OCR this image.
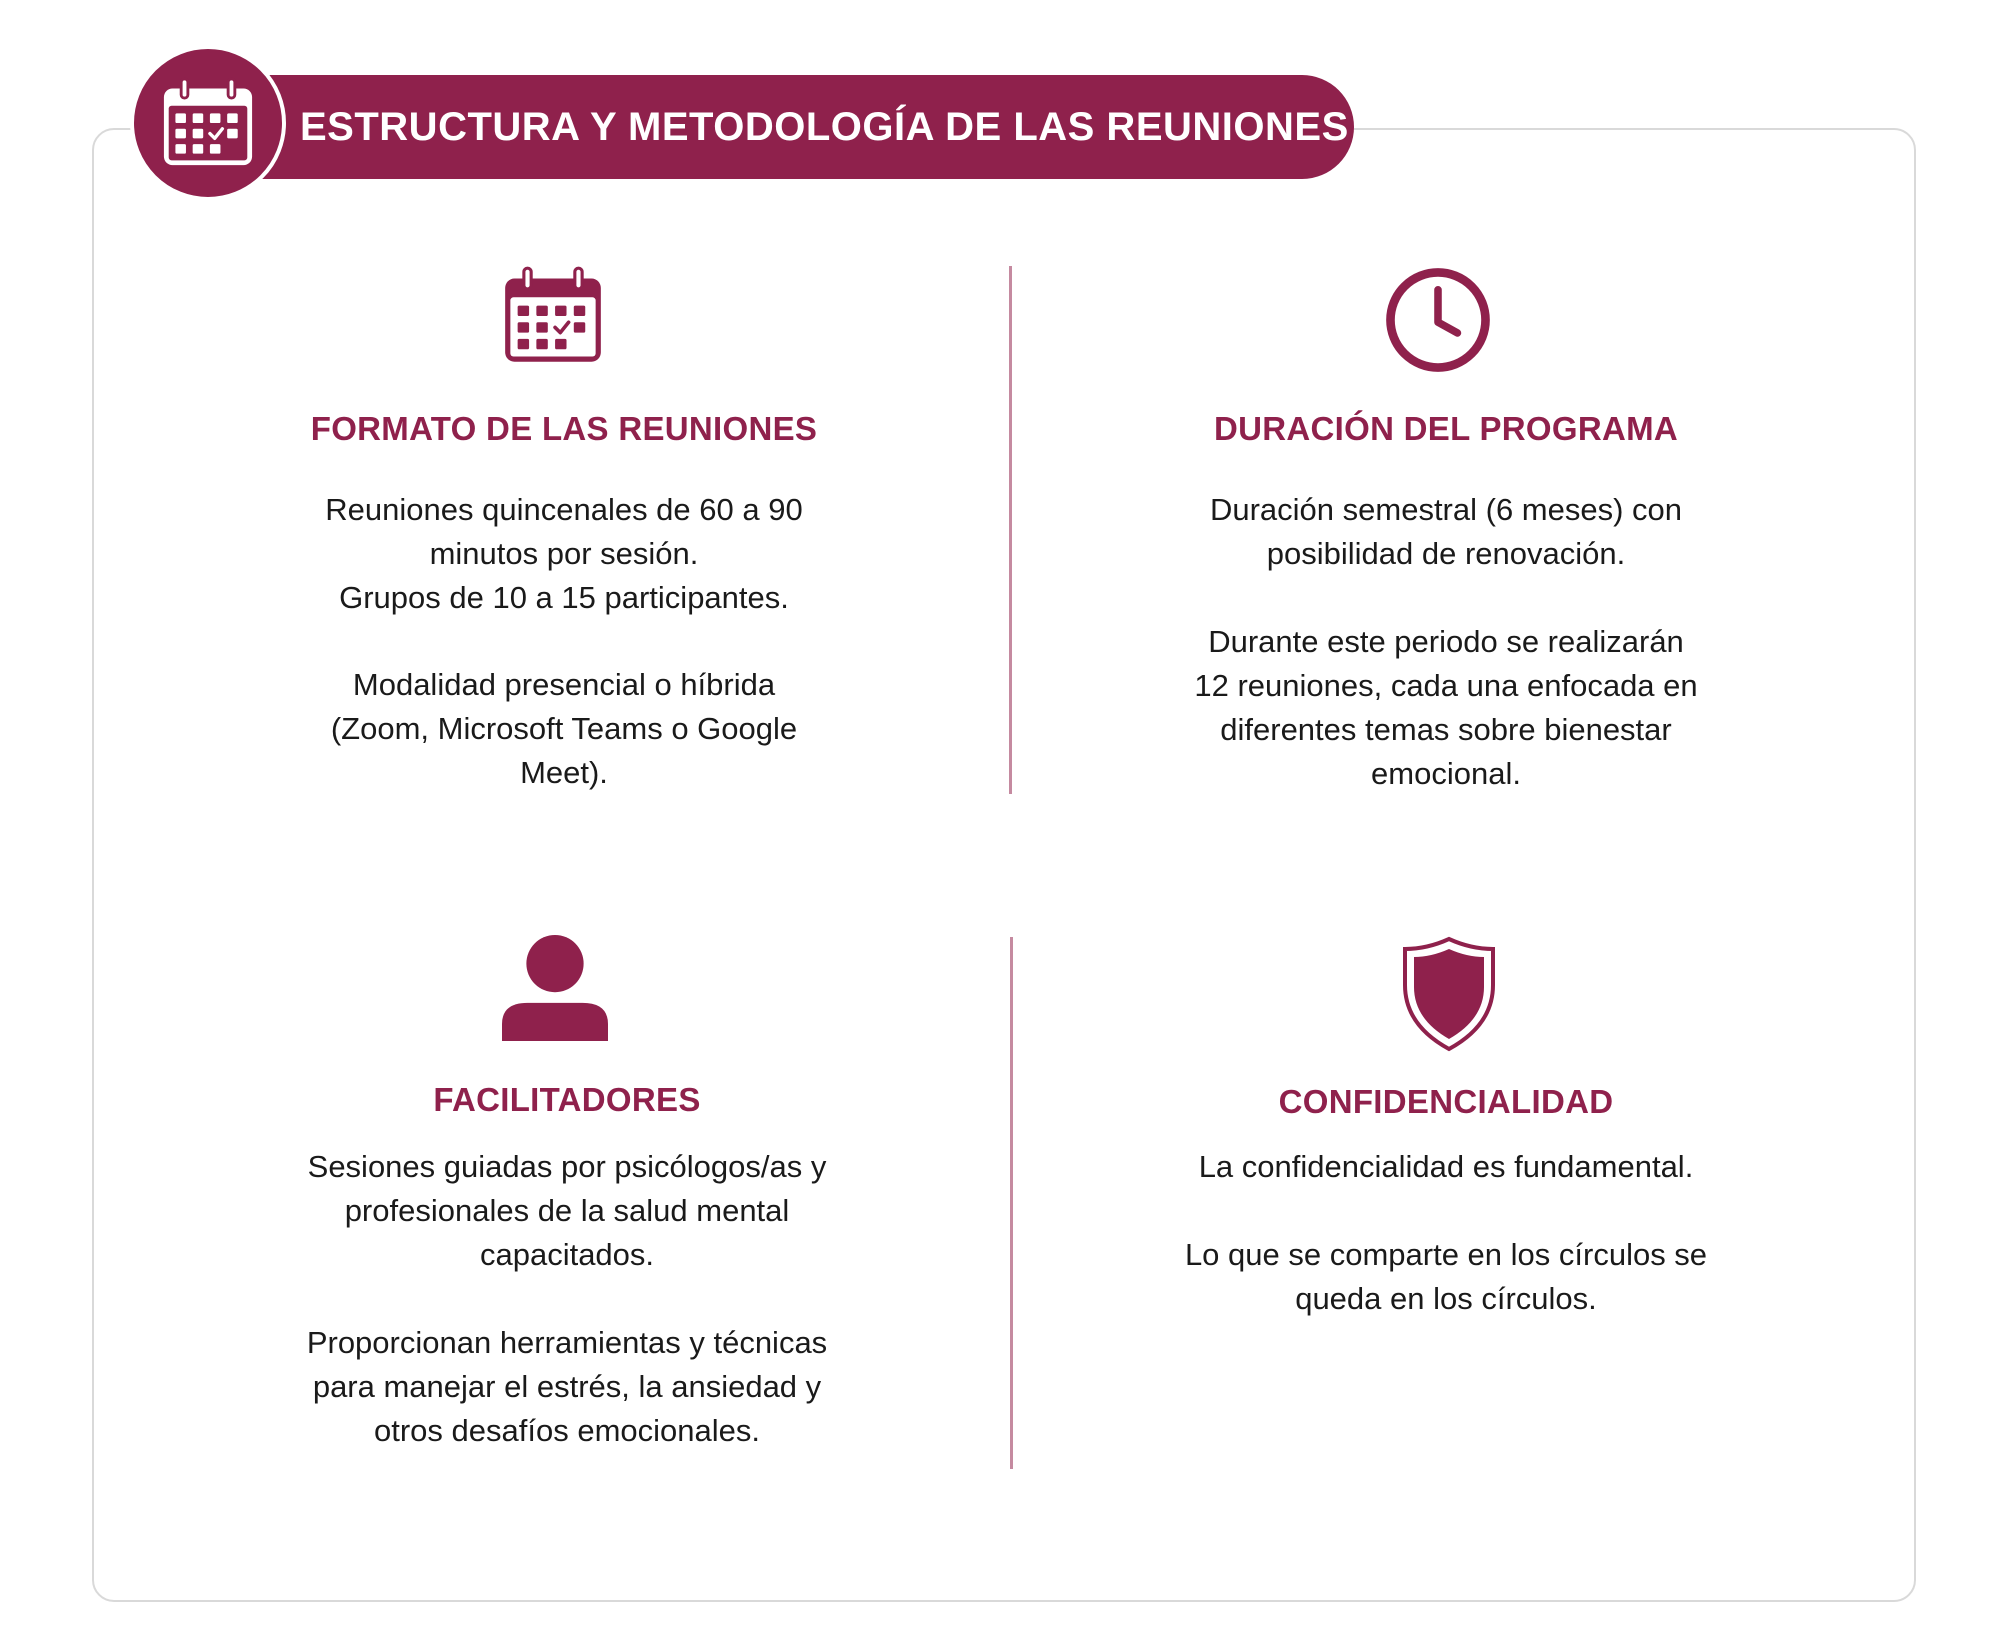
ESTRUCTURA Y METODOLOGÍA DE LAS REUNIONES
FORMATO DE LAS REUNIONES
Reuniones quincenales de 60 a 90
minutos por sesión.
Grupos de 10 a 15 participantes.
Modalidad presencial o híbrida
(Zoom, Microsoft Teams o Google
Meet).
DURACIÓN DEL PROGRAMA
Duración semestral (6 meses) con
posibilidad de renovación.
Durante este periodo se realizarán
12 reuniones, cada una enfocada en
diferentes temas sobre bienestar
emocional.
FACILITADORES
Sesiones guiadas por psicólogos/as y
profesionales de la salud mental
capacitados.
Proporcionan herramientas y técnicas
para manejar el estrés, la ansiedad y
otros desafíos emocionales.
CONFIDENCIALIDAD
La confidencialidad es fundamental.
Lo que se comparte en los círculos se
queda en los círculos.
